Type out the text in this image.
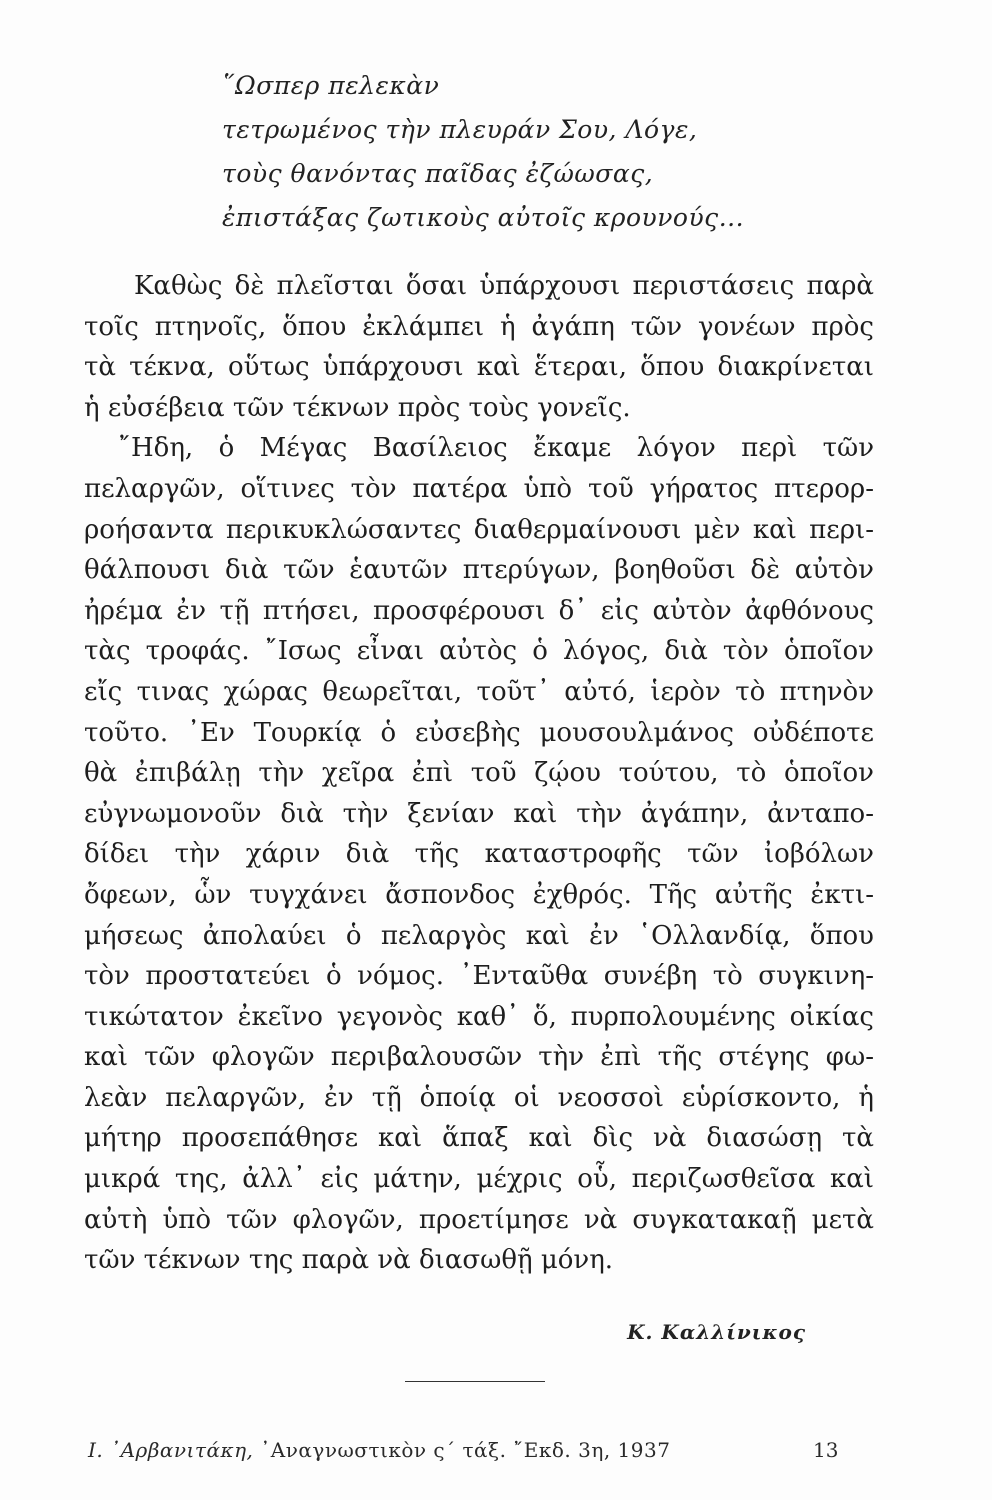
῞Ωσπερ πελεκὰν
τετρωμένος τὴν πλευράν Σου, Λόγε,
τοὺς θανόντας παῖδας ἐζώωσας,
ἐπιστάξας ζωτικοὺς αὐτοῖς κρουνούς...
Καθὼς δὲ πλεῖσται ὅσαι ὑπάρχουσι περιστάσεις παρὰ
τοῖς πτηνοῖς, ὅπου ἐκλάμπει ἡ ἀγάπη τῶν γονέων πρὸς
τὰ τέκνα, οὕτως ὑπάρχουσι καὶ ἕτεραι, ὅπου διακρίνεται
ἡ εὐσέβεια τῶν τέκνων πρὸς τοὺς γονεῖς.
῎Ηδη, ὁ Μέγας Βασίλειος ἔκαμε λόγον περὶ τῶν
πελαργῶν, οἵτινες τὸν πατέρα ὑπὸ τοῦ γήρατος πτερορ-
ροήσαντα περικυκλώσαντες διαθερμαίνουσι μὲν καὶ περι-
θάλπουσι διὰ τῶν ἑαυτῶν πτερύγων, βοηθοῦσι δὲ αὐτὸν
ἠρέμα ἐν τῇ πτήσει, προσφέρουσι δ᾿ εἰς αὐτὸν ἀφθόνους
τὰς τροφάς. ῎Ισως εἶναι αὐτὸς ὁ λόγος, διὰ τὸν ὁποῖον
εἴς τινας χώρας θεωρεῖται, τοῦτ᾿ αὐτό, ἱερὸν τὸ πτηνὸν
τοῦτο. ᾿Εν Τουρκίᾳ ὁ εὐσεβὴς μουσουλμάνος οὐδέποτε
θὰ ἐπιβάλῃ τὴν χεῖρα ἐπὶ τοῦ ζῴου τούτου, τὸ ὁποῖον
εὐγνωμονοῦν διὰ τὴν ξενίαν καὶ τὴν ἀγάπην, ἀνταπο-
δίδει τὴν χάριν διὰ τῆς καταστροφῆς τῶν ἰοβόλων
ὄφεων, ὧν τυγχάνει ἄσπονδος ἐχθρός. Τῆς αὐτῆς ἐκτι-
μήσεως ἀπολαύει ὁ πελαργὸς καὶ ἐν ῾Ολλανδίᾳ, ὅπου
τὸν προστατεύει ὁ νόμος. ᾿Ενταῦθα συνέβη τὸ συγκινη-
τικώτατον ἐκεῖνο γεγονὸς καθ᾿ ὅ, πυρπολουμένης οἰκίας
καὶ τῶν φλογῶν περιβαλουσῶν τὴν ἐπὶ τῆς στέγης φω-
λεὰν πελαργῶν, ἐν τῇ ὁποίᾳ οἱ νεοσσοὶ εὑρίσκοντο, ἡ
μήτηρ προσεπάθησε καὶ ἅπαξ καὶ δὶς νὰ διασώσῃ τὰ
μικρά της, ἀλλ᾿ εἰς μάτην, μέχρις οὗ, περιζωσθεῖσα καὶ
αὐτὴ ὑπὸ τῶν φλογῶν, προετίμησε νὰ συγκατακαῇ μετὰ
τῶν τέκνων της παρὰ νὰ διασωθῇ μόνη.
Κ. Καλλίνικος
Ι. ᾿Αρβανιτάκη, ᾿Αναγνωστικὸν ς΄ τάξ. ῎Εκδ. 3η, 1937	13
